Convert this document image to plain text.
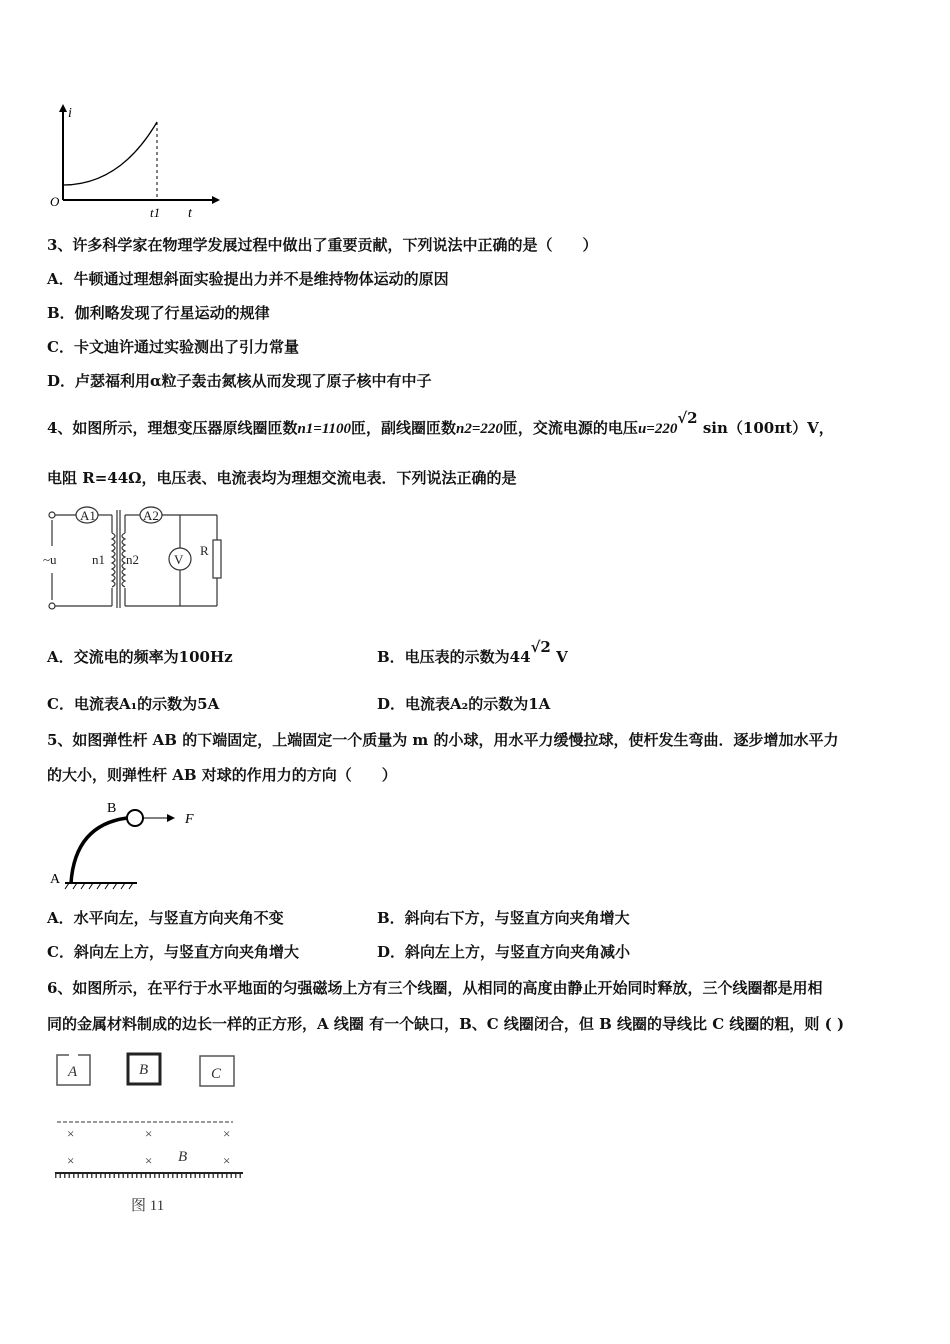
i
O
t1 t
3、许多科学家在物理学发展过程中做出了重要贡献，下列说法中正确的是（　　）
A．牛顿通过理想斜面实验提出力并不是维持物体运动的原因
B．伽利略发现了行星运动的规律
C．卡文迪许通过实验测出了引力常量
D．卢瑟福利用α粒子轰击氮核从而发现了原子核中有中子
4、如图所示，理想变压器原线圈匝数n1=1100匝，副线圈匝数n2=220匝，交流电源的电压u=220√2 sin（100πt）V，
电阻 R=44Ω，电压表、电流表均为理想交流电表．下列说法正确的是
A1	A2
V
R
~u	n1 n2
A．交流电的频率为100Hz	B．电压表的示数为44√2 V
C．电流表A₁的示数为5A	D．电流表A₂的示数为1A
5、如图弹性杆 AB 的下端固定，上端固定一个质量为 m 的小球，用水平力缓慢拉球，使杆发生弯曲．逐步增加水平力
的大小，则弹性杆 AB 对球的作用力的方向（　　）
A
B
F
A．水平向左，与竖直方向夹角不变	B．斜向右下方，与竖直方向夹角增大
C．斜向左上方，与竖直方向夹角增大	D．斜向左上方，与竖直方向夹角减小
6、如图所示，在平行于水平地面的匀强磁场上方有三个线圈，从相同的高度由静止开始同时释放，三个线圈都是用相
同的金属材料制成的边长一样的正方形，A 线圈 有一个缺口，B、C 线圈闭合，但 B 线圈的导线比 C 线圈的粗，则 ( )
A	B	C
B
×	×	×
×	×	×
图 11
